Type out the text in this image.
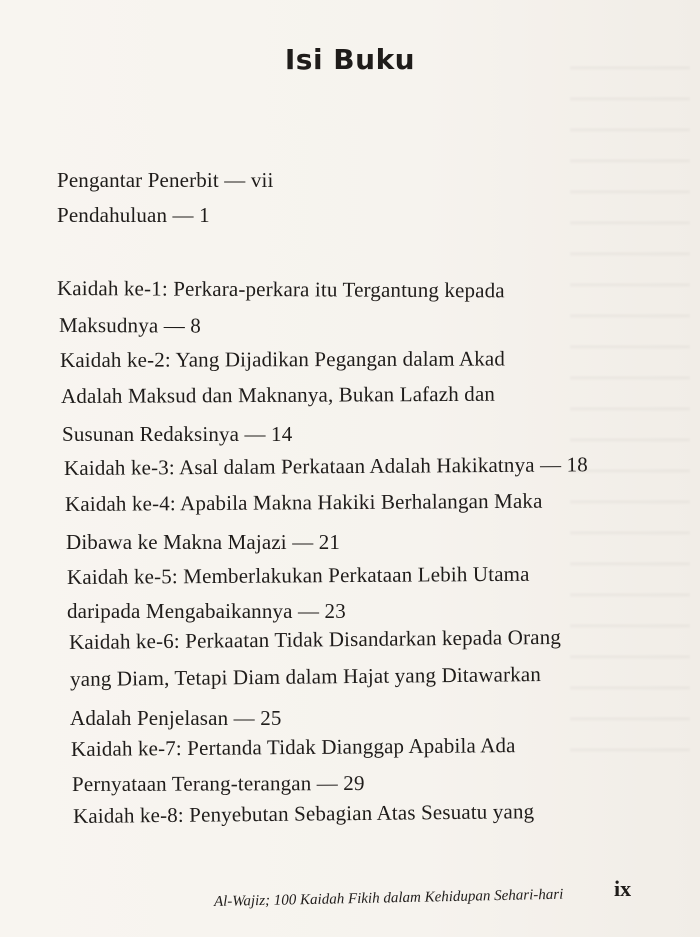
Isi Buku
Pengantar Penerbit — vii
Pendahuluan — 1
Kaidah ke-1: Perkara-perkara itu Tergantung kepada
Maksudnya — 8
Kaidah ke-2: Yang Dijadikan Pegangan dalam Akad
Adalah Maksud dan Maknanya, Bukan Lafazh dan
Susunan Redaksinya — 14
Kaidah ke-3: Asal dalam Perkataan Adalah Hakikatnya — 18
Kaidah ke-4: Apabila Makna Hakiki Berhalangan Maka
Dibawa ke Makna Majazi — 21
Kaidah ke-5: Memberlakukan Perkataan Lebih Utama
daripada Mengabaikannya — 23
Kaidah ke-6: Perkaatan Tidak Disandarkan kepada Orang
yang Diam, Tetapi Diam dalam Hajat yang Ditawarkan
Adalah Penjelasan — 25
Kaidah ke-7: Pertanda Tidak Dianggap Apabila Ada
Pernyataan Terang-terangan — 29
Kaidah ke-8: Penyebutan Sebagian Atas Sesuatu yang
Al-Wajiz; 100 Kaidah Fikih dalam Kehidupan Sehari-hari ix
